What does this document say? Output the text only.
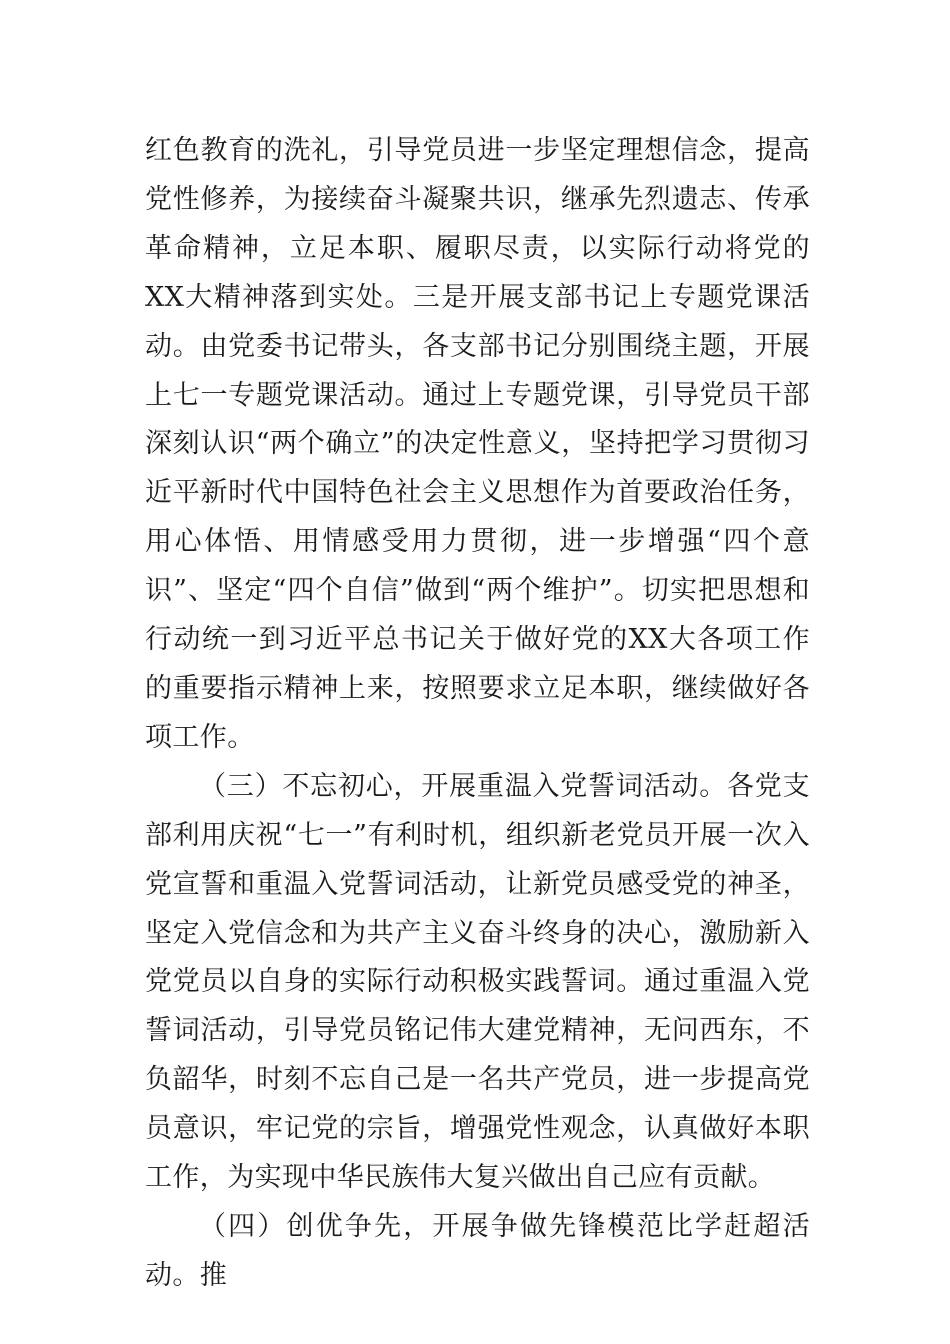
红色教育的洗礼，引导党员进一步坚定理想信念，提高党性修养，为接续奋斗凝聚共识，继承先烈遗志、传承革命精神，立足本职、履职尽责，以实际行动将党的XX大精神落到实处。三是开展支部书记上专题党课活动。由党委书记带头，各支部书记分别围绕主题，开展上七一专题党课活动。通过上专题党课，引导党员干部深刻认识“两个确立”的决定性意义，坚持把学习贯彻习近平新时代中国特色社会主义思想作为首要政治任务，用心体悟、用情感受用力贯彻，进一步增强“四个意识”、坚定“四个自信”做到“两个维护”。切实把思想和行动统一到习近平总书记关于做好党的XX大各项工作的重要指示精神上来，按照要求立足本职，继续做好各项工作。

（三）不忘初心，开展重温入党誓词活动。各党支部利用庆祝“七一”有利时机，组织新老党员开展一次入党宣誓和重温入党誓词活动，让新党员感受党的神圣，坚定入党信念和为共产主义奋斗终身的决心，激励新入党党员以自身的实际行动积极实践誓词。通过重温入党誓词活动，引导党员铭记伟大建党精神，无问西东，不负韶华，时刻不忘自己是一名共产党员，进一步提高党员意识，牢记党的宗旨，增强党性观念，认真做好本职工作，为实现中华民族伟大复兴做出自己应有贡献。

（四）创优争先，开展争做先锋模范比学赶超活动。推
